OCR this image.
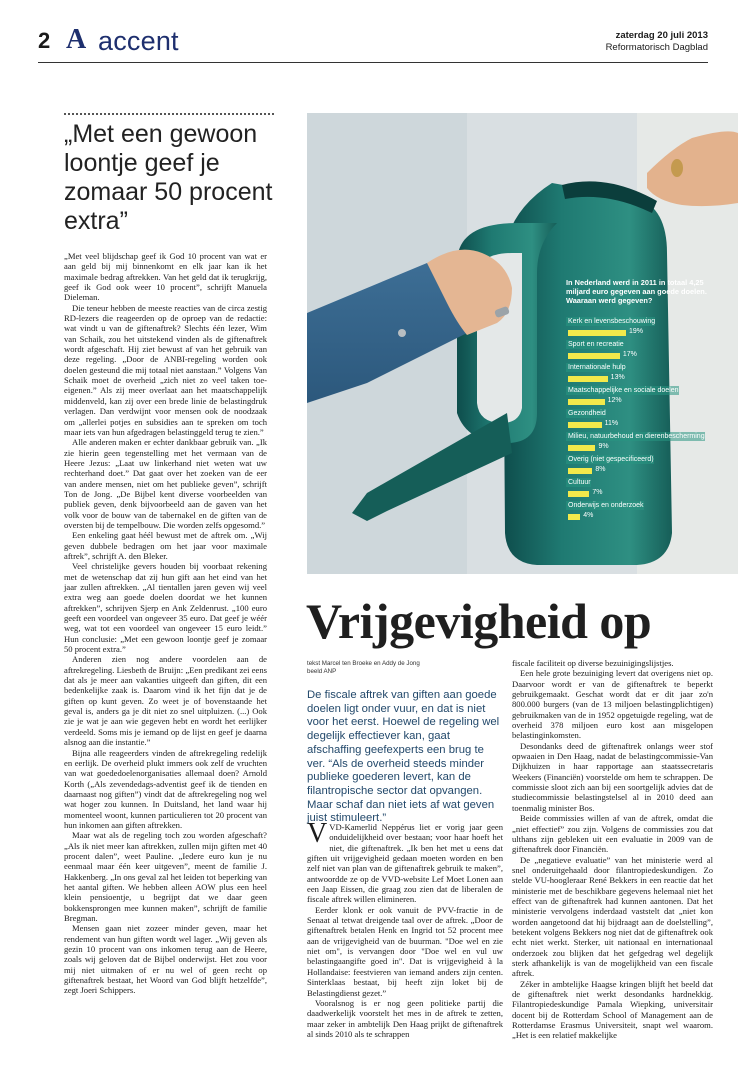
2 A accent	zaterdag 20 juli 2013
Reformatorisch Dagblad
„Met een gewoon loontje geef je zomaar 50 procent extra”

„Met veel blijdschap geef ik God 10 procent van wat er aan geld bij mij binnenkomt en elk jaar kan ik het maximale bedrag aftrekken. Van het geld dat ik terugkrijg, geef ik God ook weer 10 procent”, schrijft Manuela Dieleman.

Die teneur hebben de meeste reacties van de circa zestig RD-lezers die reageerden op de oproep van de redactie: wat vindt u van de giftenaftrek? Slechts één lezer, Wim van Schaik, zou het uitstekend vinden als de giftenaftrek wordt afgeschaft. Hij ziet bewust af van het gebruik van deze regeling. „Door de ANBI-regeling worden ook doelen gesteund die mij totaal niet aanstaan.” Volgens Van Schaik moet de overheid „zich niet zo veel taken toe-eigenen.” Als zij meer overlaat aan het maatschappelijk middenveld, kan zij over een brede linie de belastingdruk verlagen. Dan verdwijnt voor mensen ook de noodzaak om „allerlei potjes en subsidies aan te spreken om toch maar iets van hun afgedragen belastinggeld terug te zien.”

Alle anderen maken er echter dankbaar gebruik van. „Ik zie hierin geen tegenstelling met het vermaan van de Heere Jezus: „Laat uw linkerhand niet weten wat uw rechterhand doet.” Dat gaat over het zoeken van de eer van andere mensen, niet om het publieke geven”, schrijft Ton de Jong. „De Bijbel kent diverse voorbeelden van publiek geven, denk bijvoorbeeld aan de gaven van het volk voor de bouw van de tabernakel en de giften van de oversten bij de tempelbouw. Die worden zelfs opgesomd.”

Een enkeling gaat héél bewust met de aftrek om. „Wij geven dubbele bedragen om het jaar voor maximale aftrek”, schrijft A. den Bleker.

Veel christelijke gevers houden bij voorbaat rekening met de wetenschap dat zij hun gift aan het eind van het jaar zullen aftrekken. „Al tientallen jaren geven wij veel extra weg aan goede doelen doordat we het kunnen aftrekken”, schrijven Sjerp en Ank Zeldenrust. „100 euro geeft een voordeel van ongeveer 35 euro. Dat geef je wéér weg, wat tot een voordeel van ongeveer 15 euro leidt.” Hun conclusie: „Met een gewoon loontje geef je zomaar 50 procent extra.”

Anderen zien nog andere voordelen aan de aftrekregeling. Liesbeth de Bruijn: „Een predikant zei eens dat als je meer aan vakanties uitgeeft dan giften, dit een bedenkelijke zaak is. Daarom vind ik het fijn dat je de giften op kunt geven. Zo weet je of bovenstaande het geval is, anders ga je dit niet zo snel uitpluizen. (...) Ook zie je wat je aan wie gegeven hebt en wordt het eerlijker verdeeld. Soms mis je iemand op de lijst en geef je daarna alsnog aan die instantie.”

Bijna alle reageerders vinden de aftrekregeling redelijk en eerlijk. De overheid plukt immers ook zelf de vruchten van wat goededoelenorganisaties allemaal doen? Arnold Korth („Als zevendedags-adventist geef ik de tienden en daarnaast nog giften”) vindt dat de aftrekregeling nog wel wat hoger zou kunnen. In Duitsland, het land waar hij momenteel woont, kunnen particulieren tot 20 procent van hun inkomen aan giften aftrekken.

Maar wat als de regeling toch zou worden afgeschaft? „Als ik niet meer kan aftrekken, zullen mijn giften met 40 procent dalen”, weet Pauline. „Iedere euro kun je nu eenmaal maar één keer uitgeven”, meent de familie J. Hakkenberg. „In ons geval zal het leiden tot beperking van het aantal giften. We hebben alleen AOW plus een heel klein pensioentje, u begrijpt dat we daar geen bokkensprongen mee kunnen maken”, schrijft de familie Bregman.

Mensen gaan niet zozeer minder geven, maar het rendement van hun giften wordt wel lager. „Wij geven als gezin 10 procent van ons inkomen terug aan de Heere, zoals wij geloven dat de Bijbel onderwijst. Het zou voor mij niet uitmaken of er nu wel of geen recht op giftenaftrek bestaat, het Woord van God blijft hetzelfde”, zegt Joeri Schippers.

In Nederland werd in 2011 in totaal 4,25 miljard euro gegeven aan goede doelen. Waaraan werd gegeven?
Kerk en levensbeschouwing
19%
Sport en recreatie
17%
Internationale hulp
13%
Maatschappelijke en sociale doelen
12%
Gezondheid
11%
Milieu, natuurbehoud en dierenbescherming
9%
Overig (niet gespecificeerd)
8%
Cultuur
7%
Onderwijs en onderzoek
4%
Vrijgevigheid op
tekst Marcel ten Broeke en Addy de Jong
beeld ANP

De fiscale aftrek van giften aan goede doelen ligt onder vuur, en dat is niet voor het eerst. Hoewel de regeling wel degelijk effectiever kan, gaat afschaffing geefexperts een brug te ver. “Als de overheid steeds minder publieke goederen levert, kan de filantropische sector dat opvangen. Maar schaf dan niet iets af wat geven juist stimuleert.”

VVD-Kamerlid Neppérus liet er vorig jaar geen onduidelijkheid over bestaan; voor haar hoeft het niet, die giftenaftrek. „Ik ben het met u eens dat giften uit vrijgevigheid gedaan moeten worden en ben zelf niet van plan van de giftenaftrek gebruik te maken”, antwoordde ze op de VVD-website Lef Moet Lonen aan een Jaap Eissen, die graag zou zien dat de liberalen de fiscale aftrek willen elimineren.

Eerder klonk er ook vanuit de PVV-fractie in de Senaat al tetwat dreigende taal over de aftrek. „Door de giftenaftrek betalen Henk en Ingrid tot 52 procent mee aan de vrijgevigheid van de buurman. "Doe wel en zie niet om", is vervangen door "Doe wel en vul uw belastingaangifte goed in". Dat is vrijgevigheid à la Hollandaise: feestvieren van iemand anders zijn centen. Sinterklaas bestaat, bij heeft zijn loket bij de Belastingdienst gezet.”

Vooralsnog is er nog geen politieke partij die daadwerkelijk voorstelt het mes in de aftrek te zetten, maar zeker in ambtelijk Den Haag prijkt de giftenaftrek al sinds 2010 als te schrappen

fiscale faciliteit op diverse bezuinigingslijstjes.

Een hele grote bezuiniging levert dat overigens niet op. Daarvoor wordt er van de giftenaftrek te beperkt gebruikgemaakt. Geschat wordt dat er dit jaar zo'n 800.000 burgers (van de 13 miljoen belastingplichtigen) gebruikmaken van de in 1952 opgetuigde regeling, wat de overheid 378 miljoen euro kost aan misgelopen belastinginkomsten.

Desondanks deed de giftenaftrek onlangs weer stof opwaaien in Den Haag, nadat de belastingcommissie-Van Dijkhuizen in haar rapportage aan staatssecretaris Weekers (Financiën) voorstelde om hem te schrappen. De commissie sloot zich aan bij een soortgelijk advies dat de studiecommissie belastingstelsel al in 2010 deed aan toenmalig minister Bos.

Beide commissies willen af van de aftrek, omdat die „niet effectief” zou zijn. Volgens de commissies zou dat ulthans zijn gebleken uit een evaluatie in 2009 van de giftenaftrek door Financiën.

De „negatieve evaluatie” van het ministerie werd al snel onderuitgehaald door filantropiedeskundigen. Zo stelde VU-hoogleraar René Bekkers in een reactie dat het ministerie met de beschikbare gegevens helemaal niet het effect van de giftenaftrek had kunnen aantonen. Dat het ministerie vervolgens inderdaad vaststelt dat „niet kon worden aangetoond dat hij bijdraagt aan de doelstelling”, betekent volgens Bekkers nog niet dat de giftenaftrek ook echt niet werkt. Sterker, uit nationaal en internationaal onderzoek zou blijken dat het gefgedrag wel degelijk sterk afhankelijk is van de mogelijkheid van een fiscale aftrek.

Zéker in ambtelijke Haagse kringen blijft het beeld dat de giftenaftrek niet werkt desondanks hardnekkig. Filantropiedeskundige Pamala Wiepking, universitair docent bij de Rotterdam School of Management aan de Rotterdamse Erasmus Universiteit, snapt wel waarom. „Het is een relatief makkelijke
